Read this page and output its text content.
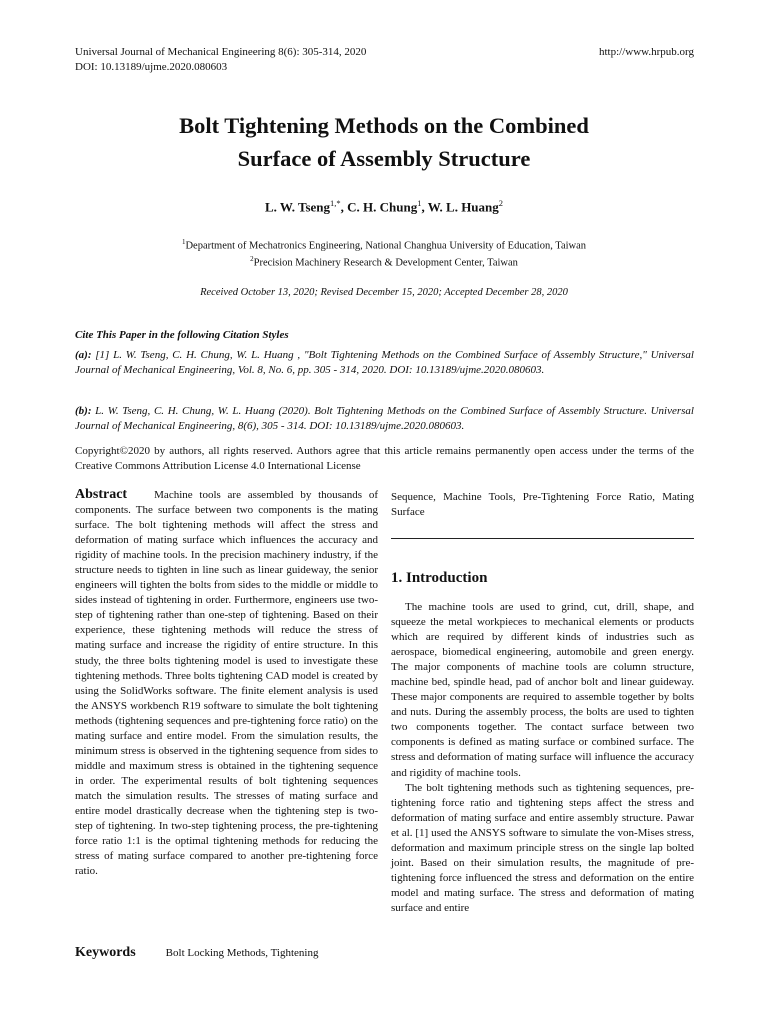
Universal Journal of Mechanical Engineering 8(6): 305-314, 2020
DOI: 10.13189/ujme.2020.080603
http://www.hrpub.org
Bolt Tightening Methods on the Combined
Surface of Assembly Structure
L. W. Tseng$^{1,*}$, C. H. Chung$^1$, W. L. Huang$^2$
$^1$Department of Mechatronics Engineering, National Changhua University of Education, Taiwan
$^2$Precision Machinery Research & Development Center, Taiwan
Received October 13, 2020; Revised December 15, 2020; Accepted December 28, 2020
Cite This Paper in the following Citation Styles
(a): [1] L. W. Tseng, C. H. Chung, W. L. Huang , "Bolt Tightening Methods on the Combined Surface of Assembly Structure," Universal Journal of Mechanical Engineering, Vol. 8, No. 6, pp. 305 - 314, 2020. DOI: 10.13189/ujme.2020.080603.
(b): L. W. Tseng, C. H. Chung, W. L. Huang (2020). Bolt Tightening Methods on the Combined Surface of Assembly Structure. Universal Journal of Mechanical Engineering, 8(6), 305 - 314. DOI: 10.13189/ujme.2020.080603.
Copyright©2020 by authors, all rights reserved. Authors agree that this article remains permanently open access under the terms of the Creative Commons Attribution License 4.0 International License
Abstract Machine tools are assembled by thousands of components. The surface between two components is the mating surface. The bolt tightening methods will affect the stress and deformation of mating surface which influences the accuracy and rigidity of machine tools. In the precision machinery industry, if the structure needs to tighten in line such as linear guideway, the senior engineers will tighten the bolts from sides to the middle or middle to sides instead of tightening in order. Furthermore, engineers use two-step of tightening rather than one-step of tightening. Based on their experience, these tightening methods will reduce the stress of mating surface and increase the rigidity of entire structure. In this study, the three bolts tightening model is used to investigate these tightening methods. Three bolts tightening CAD model is created by using the SolidWorks software. The finite element analysis is used the ANSYS workbench R19 software to simulate the bolt tightening methods (tightening sequences and pre-tightening force ratio) on the mating surface and entire model. From the simulation results, the minimum stress is observed in the tightening sequence from sides to middle and maximum stress is obtained in the tightening sequence in order. The experimental results of bolt tightening sequences match the simulation results. The stresses of mating surface and entire model drastically decrease when the tightening step is two-step of tightening. In two-step tightening process, the pre-tightening force ratio 1:1 is the optimal tightening methods for reducing the stress of mating surface compared to another pre-tightening force ratio.
Keywords	Bolt Locking Methods, Tightening
Sequence, Machine Tools, Pre-Tightening Force Ratio, Mating Surface
1. Introduction

The machine tools are used to grind, cut, drill, shape, and squeeze the metal workpieces to mechanical elements or products which are required by different kinds of industries such as aerospace, biomedical engineering, automobile and green energy. The major components of machine tools are column structure, machine bed, spindle head, pad of anchor bolt and linear guideway. These major components are required to assemble together by bolts and nuts. During the assembly process, the bolts are used to tighten two components together. The contact surface between two components is defined as mating surface or combined surface. The stress and deformation of mating surface will influence the accuracy and rigidity of machine tools.

The bolt tightening methods such as tightening sequences, pre-tightening force ratio and tightening steps affect the stress and deformation of mating surface and entire assembly structure. Pawar et al. [1] used the ANSYS software to simulate the von-Mises stress, deformation and maximum principle stress on the single lap bolted joint. Based on their simulation results, the magnitude of pre-tightening force influenced the stress and deformation on the entire model and mating surface. The stress and deformation of mating surface and entire
